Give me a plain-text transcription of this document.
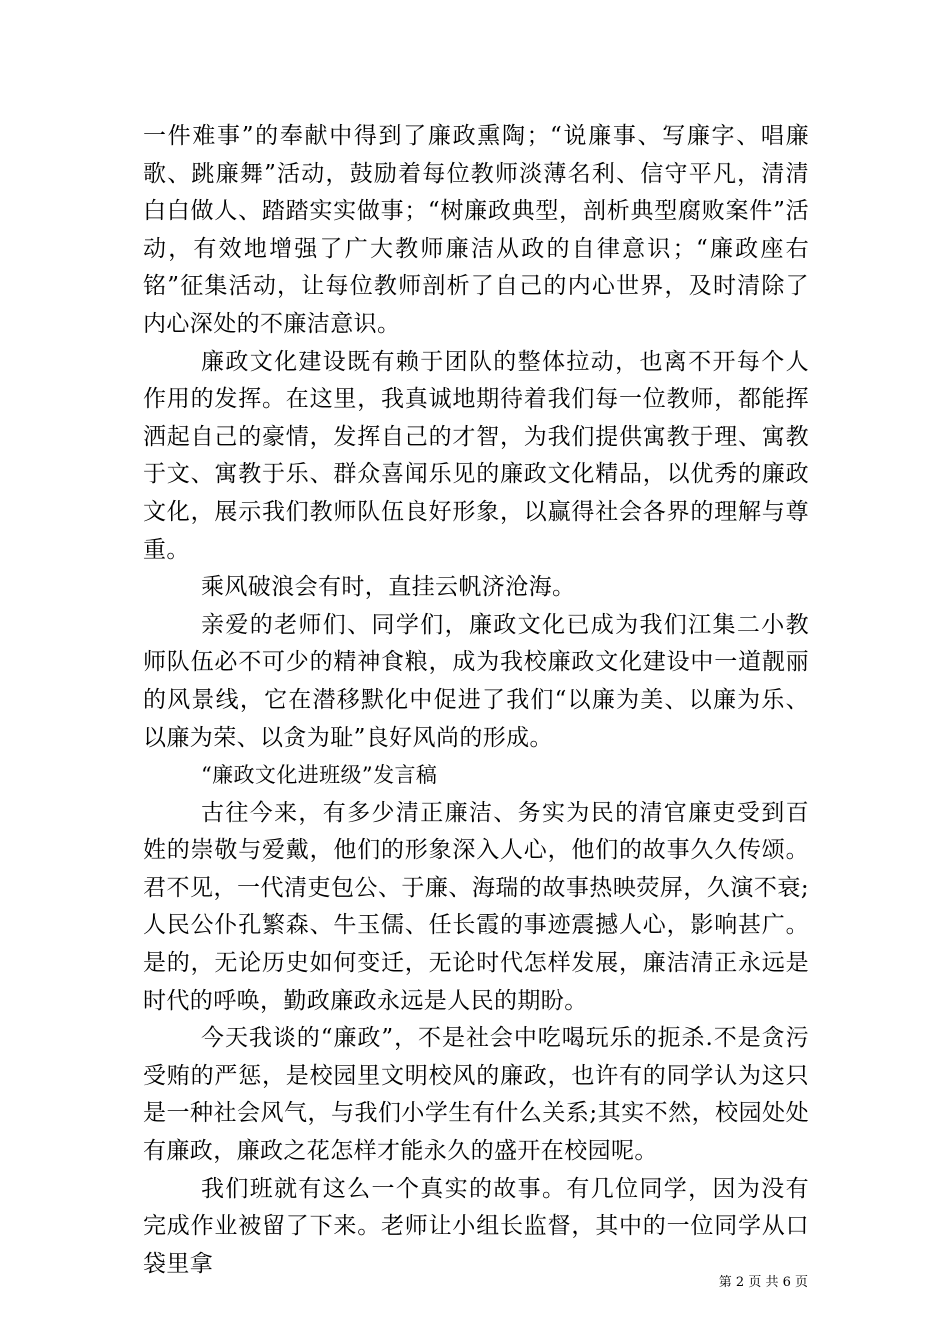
一件难事”的奉献中得到了廉政熏陶；“说廉事、写廉字、唱廉歌、跳廉舞”活动，鼓励着每位教师淡薄名利、信守平凡，清清白白做人、踏踏实实做事；“树廉政典型，剖析典型腐败案件”活动，有效地增强了广大教师廉洁从政的自律意识；“廉政座右铭”征集活动，让每位教师剖析了自己的内心世界，及时清除了内心深处的不廉洁意识。

廉政文化建设既有赖于团队的整体拉动，也离不开每个人作用的发挥。在这里，我真诚地期待着我们每一位教师，都能挥洒起自己的豪情，发挥自己的才智，为我们提供寓教于理、寓教于文、寓教于乐、群众喜闻乐见的廉政文化精品，以优秀的廉政文化，展示我们教师队伍良好形象，以赢得社会各界的理解与尊重。

乘风破浪会有时，直挂云帆济沧海。

亲爱的老师们、同学们，廉政文化已成为我们江集二小教师队伍必不可少的精神食粮，成为我校廉政文化建设中一道靓丽的风景线，它在潜移默化中促进了我们“以廉为美、以廉为乐、以廉为荣、以贪为耻”良好风尚的形成。

“廉政文化进班级”发言稿

古往今来，有多少清正廉洁、务实为民的清官廉吏受到百姓的崇敬与爱戴，他们的形象深入人心，他们的故事久久传颂。君不见，一代清吏包公、于廉、海瑞的故事热映荧屏，久演不衰;人民公仆孔繁森、牛玉儒、任长霞的事迹震撼人心，影响甚广。是的，无论历史如何变迁，无论时代怎样发展，廉洁清正永远是时代的呼唤，勤政廉政永远是人民的期盼。

今天我谈的“廉政”，不是社会中吃喝玩乐的扼杀.不是贪污受贿的严惩，是校园里文明校风的廉政，也许有的同学认为这只是一种社会风气，与我们小学生有什么关系;其实不然，校园处处有廉政，廉政之花怎样才能永久的盛开在校园呢。

我们班就有这么一个真实的故事。有几位同学，因为没有完成作业被留了下来。老师让小组长监督，其中的一位同学从口袋里拿

第 2 页 共 6 页
